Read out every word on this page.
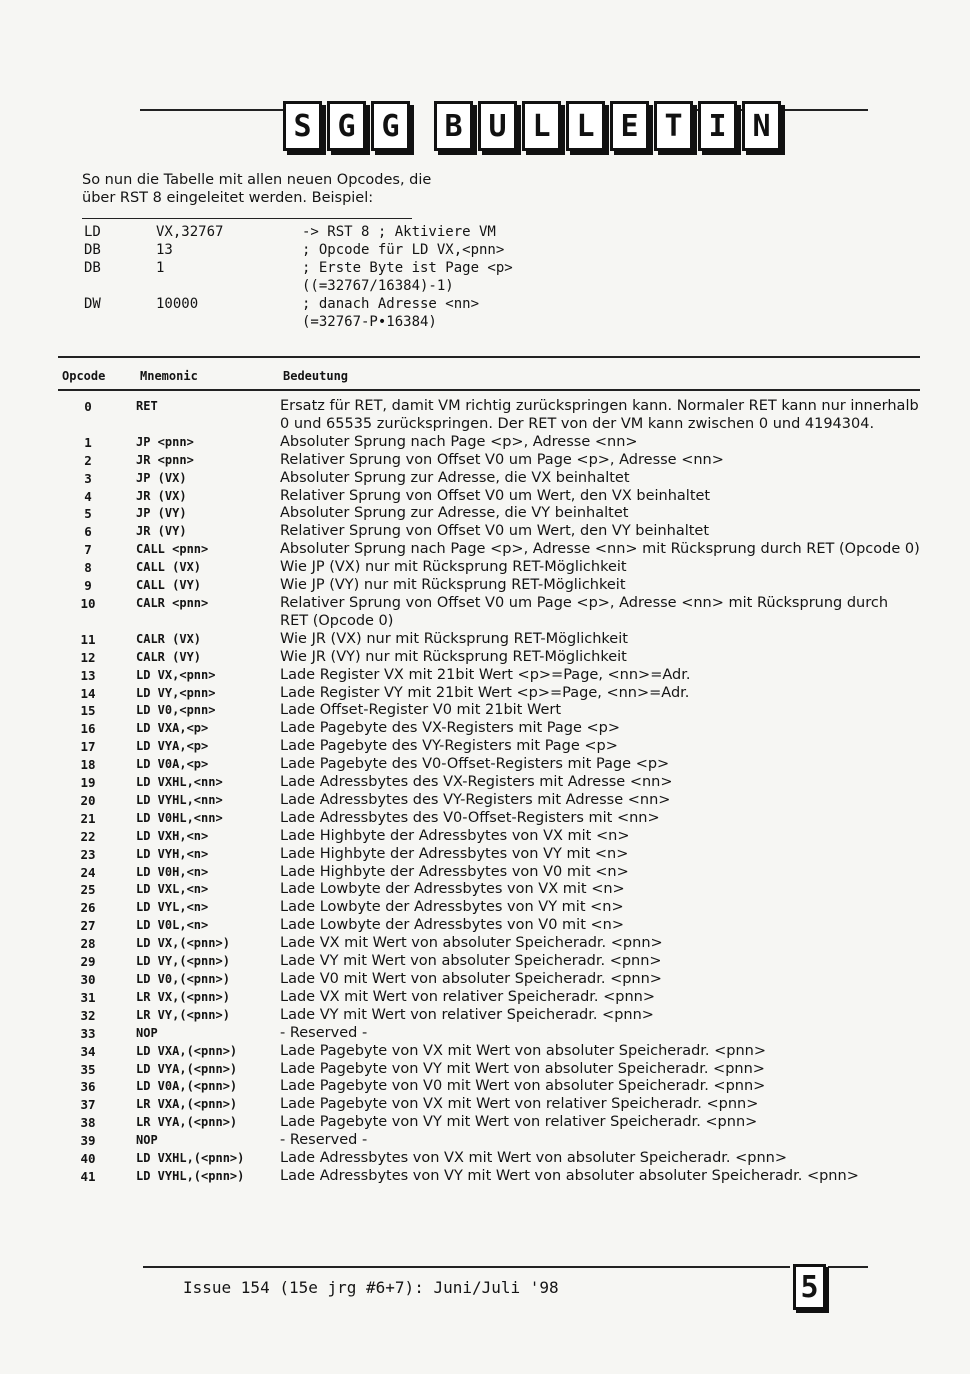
S G G	B U L L E T I N
So nun die Tabelle mit allen neuen Opcodes, die
über RST 8 eingeleitet werden. Beispiel:
LD	VX,32767	-> RST 8 ; Aktiviere VM
DB	13	; Opcode für LD VX,<pnn>
DB	1	; Erste Byte ist Page <p>
((=32767/16384)-1)
DW	10000	; danach Adresse <nn>
(=32767-P•16384)
Opcode	Mnemonic	Bedeutung
0	RET	Ersatz für RET, damit VM richtig zurückspringen kann. Normaler RET kann nur innerhalb 0 und 65535 zurückspringen. Der RET von der VM kann zwischen 0 und 4194304.
1	JP <pnn>	Absoluter Sprung nach Page <p>, Adresse <nn>
2	JR <pnn>	Relativer Sprung von Offset V0 um Page <p>, Adresse <nn>
3	JP (VX)	Absoluter Sprung zur Adresse, die VX beinhaltet
4	JR (VX)	Relativer Sprung von Offset V0 um Wert, den VX beinhaltet
5	JP (VY)	Absoluter Sprung zur Adresse, die VY beinhaltet
6	JR (VY)	Relativer Sprung von Offset V0 um Wert, den VY beinhaltet
7	CALL <pnn>	Absoluter Sprung nach Page <p>, Adresse <nn> mit Rücksprung durch RET (Opcode 0)
8	CALL (VX)	Wie JP (VX) nur mit Rücksprung RET-Möglichkeit
9	CALL (VY)	Wie JP (VY) nur mit Rücksprung RET-Möglichkeit
10	CALR <pnn>	Relativer Sprung von Offset V0 um Page <p>, Adresse <nn> mit Rücksprung durch RET (Opcode 0)
11	CALR (VX)	Wie JR (VX) nur mit Rücksprung RET-Möglichkeit
12	CALR (VY)	Wie JR (VY) nur mit Rücksprung RET-Möglichkeit
13	LD VX,<pnn>	Lade Register VX mit 21bit Wert <p>=Page, <nn>=Adr.
14	LD VY,<pnn>	Lade Register VY mit 21bit Wert <p>=Page, <nn>=Adr.
15	LD V0,<pnn>	Lade Offset-Register V0 mit 21bit Wert
16	LD VXA,<p>	Lade Pagebyte des VX-Registers mit Page <p>
17	LD VYA,<p>	Lade Pagebyte des VY-Registers mit Page <p>
18	LD V0A,<p>	Lade Pagebyte des V0-Offset-Registers mit Page <p>
19	LD VXHL,<nn>	Lade Adressbytes des VX-Registers mit Adresse <nn>
20	LD VYHL,<nn>	Lade Adressbytes des VY-Registers mit Adresse <nn>
21	LD V0HL,<nn>	Lade Adressbytes des V0-Offset-Registers mit <nn>
22	LD VXH,<n>	Lade Highbyte der Adressbytes von VX mit <n>
23	LD VYH,<n>	Lade Highbyte der Adressbytes von VY mit <n>
24	LD V0H,<n>	Lade Highbyte der Adressbytes von V0 mit <n>
25	LD VXL,<n>	Lade Lowbyte der Adressbytes von VX mit <n>
26	LD VYL,<n>	Lade Lowbyte der Adressbytes von VY mit <n>
27	LD V0L,<n>	Lade Lowbyte der Adressbytes von V0 mit <n>
28	LD VX,(<pnn>)	Lade VX mit Wert von absoluter Speicheradr. <pnn>
29	LD VY,(<pnn>)	Lade VY mit Wert von absoluter Speicheradr. <pnn>
30	LD V0,(<pnn>)	Lade V0 mit Wert von absoluter Speicheradr. <pnn>
31	LR VX,(<pnn>)	Lade VX mit Wert von relativer Speicheradr. <pnn>
32	LR VY,(<pnn>)	Lade VY mit Wert von relativer Speicheradr. <pnn>
33	NOP	- Reserved -
34	LD VXA,(<pnn>)	Lade Pagebyte von VX mit Wert von absoluter Speicheradr. <pnn>
35	LD VYA,(<pnn>)	Lade Pagebyte von VY mit Wert von absoluter Speicheradr. <pnn>
36	LD V0A,(<pnn>)	Lade Pagebyte von V0 mit Wert von absoluter Speicheradr. <pnn>
37	LR VXA,(<pnn>)	Lade Pagebyte von VX mit Wert von relativer Speicheradr. <pnn>
38	LR VYA,(<pnn>)	Lade Pagebyte von VY mit Wert von relativer Speicheradr. <pnn>
39	NOP	- Reserved -
40	LD VXHL,(<pnn>)	Lade Adressbytes von VX mit Wert von absoluter Speicheradr. <pnn>
41	LD VYHL,(<pnn>)	Lade Adressbytes von VY mit Wert von absoluter absoluter Speicheradr. <pnn>
Issue 154 (15e jrg #6+7): Juni/Juli '98	5
